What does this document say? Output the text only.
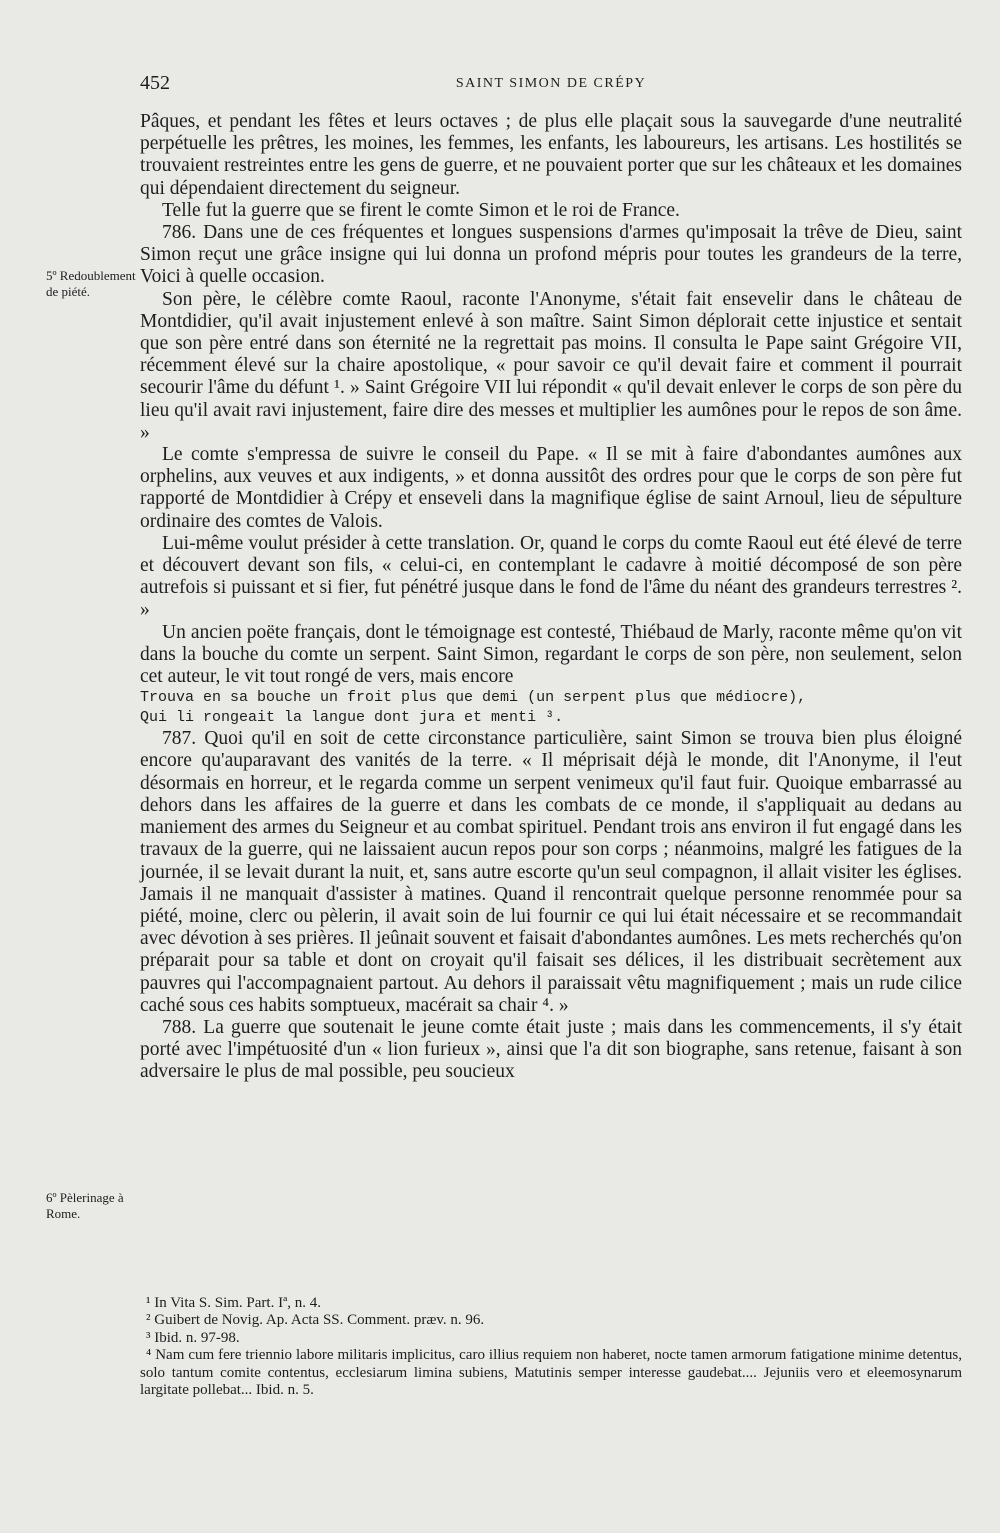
452	SAINT SIMON DE CRÉPY
5º Redoublement de piété.
6º Pèlerinage à Rome.

Pâques, et pendant les fêtes et leurs octaves ; de plus elle plaçait sous la sauvegarde d'une neutralité perpétuelle les prêtres, les moines, les femmes, les enfants, les laboureurs, les artisans. Les hostilités se trouvaient restreintes entre les gens de guerre, et ne pouvaient porter que sur les châteaux et les domaines qui dépendaient directement du seigneur.

Telle fut la guerre que se firent le comte Simon et le roi de France.

786. Dans une de ces fréquentes et longues suspensions d'armes qu'imposait la trêve de Dieu, saint Simon reçut une grâce insigne qui lui donna un profond mépris pour toutes les grandeurs de la terre, Voici à quelle occasion.

Son père, le célèbre comte Raoul, raconte l'Anonyme, s'était fait ensevelir dans le château de Montdidier, qu'il avait injustement enlevé à son maître. Saint Simon déplorait cette injustice et sentait que son père entré dans son éternité ne la regrettait pas moins. Il consulta le Pape saint Grégoire VII, récemment élevé sur la chaire apostolique, « pour savoir ce qu'il devait faire et comment il pourrait secourir l'âme du défunt ¹. » Saint Grégoire VII lui répondit « qu'il devait enlever le corps de son père du lieu qu'il avait ravi injustement, faire dire des messes et multiplier les aumônes pour le repos de son âme. »

Le comte s'empressa de suivre le conseil du Pape. « Il se mit à faire d'abondantes aumônes aux orphelins, aux veuves et aux indigents, » et donna aussitôt des ordres pour que le corps de son père fut rapporté de Montdidier à Crépy et enseveli dans la magnifique église de saint Arnoul, lieu de sépulture ordinaire des comtes de Valois.

Lui-même voulut présider à cette translation. Or, quand le corps du comte Raoul eut été élevé de terre et découvert devant son fils, « celui-ci, en contemplant le cadavre à moitié décomposé de son père autrefois si puissant et si fier, fut pénétré jusque dans le fond de l'âme du néant des grandeurs terrestres ². »

Un ancien poëte français, dont le témoignage est contesté, Thiébaud de Marly, raconte même qu'on vit dans la bouche du comte un serpent. Saint Simon, regardant le corps de son père, non seulement, selon cet auteur, le vit tout rongé de vers, mais encore

Trouva en sa bouche un froit plus que demi (un serpent plus que médiocre),

Qui li rongeait la langue dont jura et menti ³.

787. Quoi qu'il en soit de cette circonstance particulière, saint Simon se trouva bien plus éloigné encore qu'auparavant des vanités de la terre. « Il méprisait déjà le monde, dit l'Anonyme, il l'eut désormais en horreur, et le regarda comme un serpent venimeux qu'il faut fuir. Quoique embarrassé au dehors dans les affaires de la guerre et dans les combats de ce monde, il s'appliquait au dedans au maniement des armes du Seigneur et au combat spirituel. Pendant trois ans environ il fut engagé dans les travaux de la guerre, qui ne laissaient aucun repos pour son corps ; néanmoins, malgré les fatigues de la journée, il se levait durant la nuit, et, sans autre escorte qu'un seul compagnon, il allait visiter les églises. Jamais il ne manquait d'assister à matines. Quand il rencontrait quelque personne renommée pour sa piété, moine, clerc ou pèlerin, il avait soin de lui fournir ce qui lui était nécessaire et se recommandait avec dévotion à ses prières. Il jeûnait souvent et faisait d'abondantes aumônes. Les mets recherchés qu'on préparait pour sa table et dont on croyait qu'il faisait ses délices, il les distribuait secrètement aux pauvres qui l'accompagnaient partout. Au dehors il paraissait vêtu magnifiquement ; mais un rude cilice caché sous ces habits somptueux, macérait sa chair ⁴. »

788. La guerre que soutenait le jeune comte était juste ; mais dans les commencements, il s'y était porté avec l'impétuosité d'un « lion furieux », ainsi que l'a dit son biographe, sans retenue, faisant à son adversaire le plus de mal possible, peu soucieux

¹ In Vita S. Sim. Part. Iª, n. 4.

² Guibert de Novig. Ap. Acta SS. Comment. præv. n. 96.

³ Ibid. n. 97-98.

⁴ Nam cum fere triennio labore militaris implicitus, caro illius requiem non haberet, nocte tamen armorum fatigatione minime detentus, solo tantum comite contentus, ecclesiarum limina subiens, Matutinis semper interesse gaudebat.... Jejuniis vero et eleemosynarum largitate pollebat... Ibid. n. 5.
